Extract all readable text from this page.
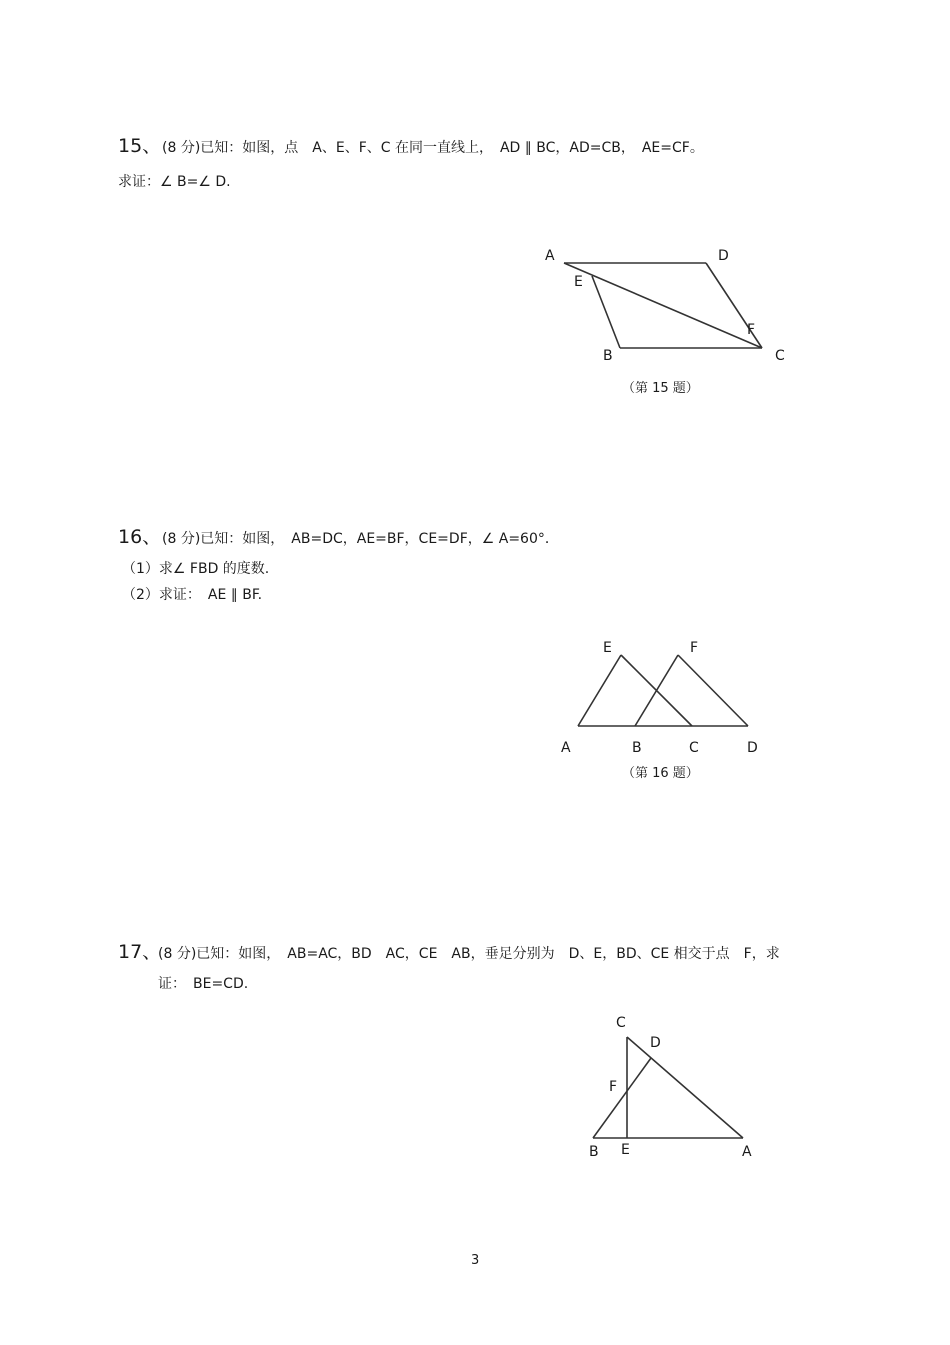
15、 (8 分)已知：如图，点　A、E、F、C 在同一直线上，　AD ∥ BC，AD=CB，　AE=CF。
求证：∠ B=∠ D.
A	D
E
F
B	C
（第 15 题）
16、 (8 分)已知：如图，　AB=DC，AE=BF，CE=DF，∠ A=60°．
（1）求∠ FBD 的度数.
（2）求证：　AE ∥ BF.
E	F
A	B	C	D
（第 16 题）
17、
(8 分)已知：如图，　AB=AC，BD　AC，CE　AB，垂足分别为　D、E，BD、CE 相交于点　F，求
证：　BE=CD.
C
D
F
B E	A
3
